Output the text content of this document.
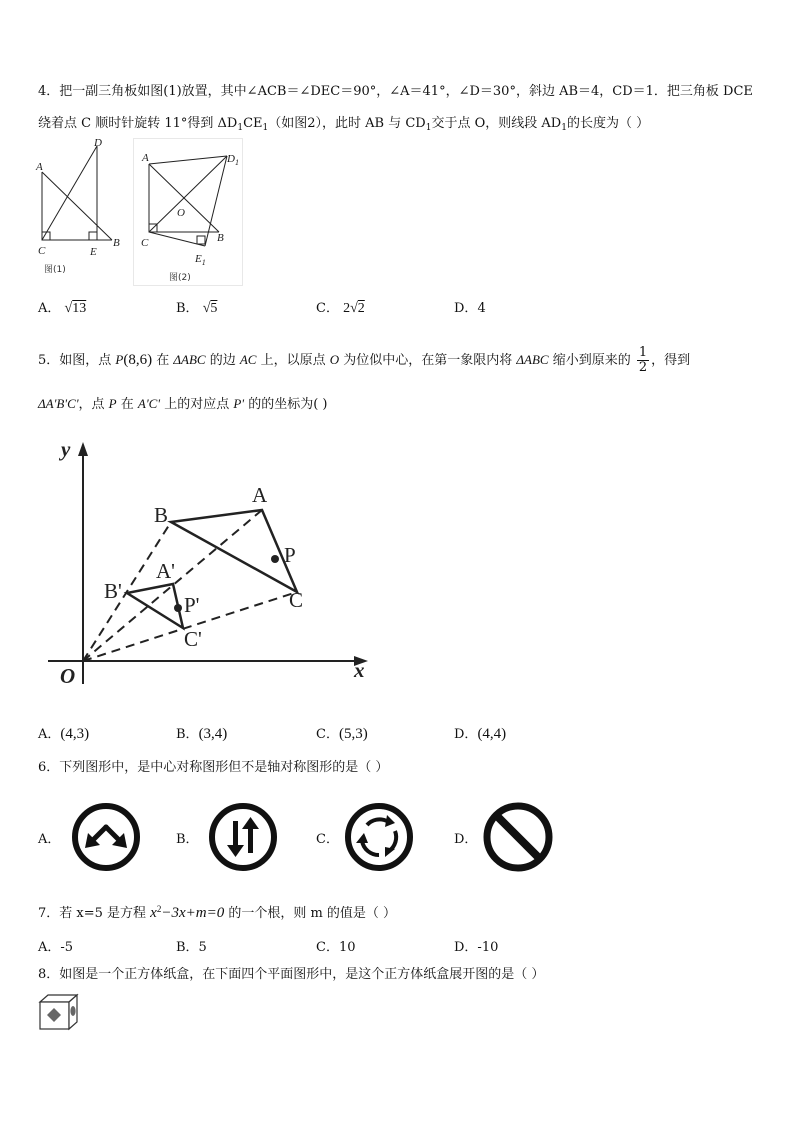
4．把一副三角板如图(1)放置，其中∠ACB＝∠DEC＝90°，∠A＝41°，∠D＝30°，斜边 AB＝4，CD＝1．把三角板 DCE
绕着点 C 顺时针旋转 11°得到 $\Delta D_1CE_1$（如图2），此时 AB 与 $CD_1$交于点 O，则线段 $AD_1$的长度为（ ）
A
D
C	E
B
图(1)
A	$D_1$
O
C	B
$E_1$
图(2)
A． √13	B． √5	C． 2√2	D．4
5．如图，点 P(8,6) 在 ΔABC 的边 AC 上，以原点 O 为位似中心，在第一象限内将 ΔABC 缩小到原来的 $\frac{1}{2}$ ，得到
ΔA'B'C'，点 P 在 A'C' 上的对应点 P' 的的坐标为( )
y
x
O
A
B
C
P
A'
B'
C'
P'
A．(4,3)	B．(3,4)	C．(5,3)	D．(4,4)
6．下列图形中，是中心对称图形但不是轴对称图形的是（ ）
A．	B．	C．	D．
7．若 x=5 是方程 $x^2-3x+m=0$ 的一个根，则 m 的值是（ ）
A．-5	B．5	C．10	D．-10
8．如图是一个正方体纸盒，在下面四个平面图形中，是这个正方体纸盒展开图的是（ ）
